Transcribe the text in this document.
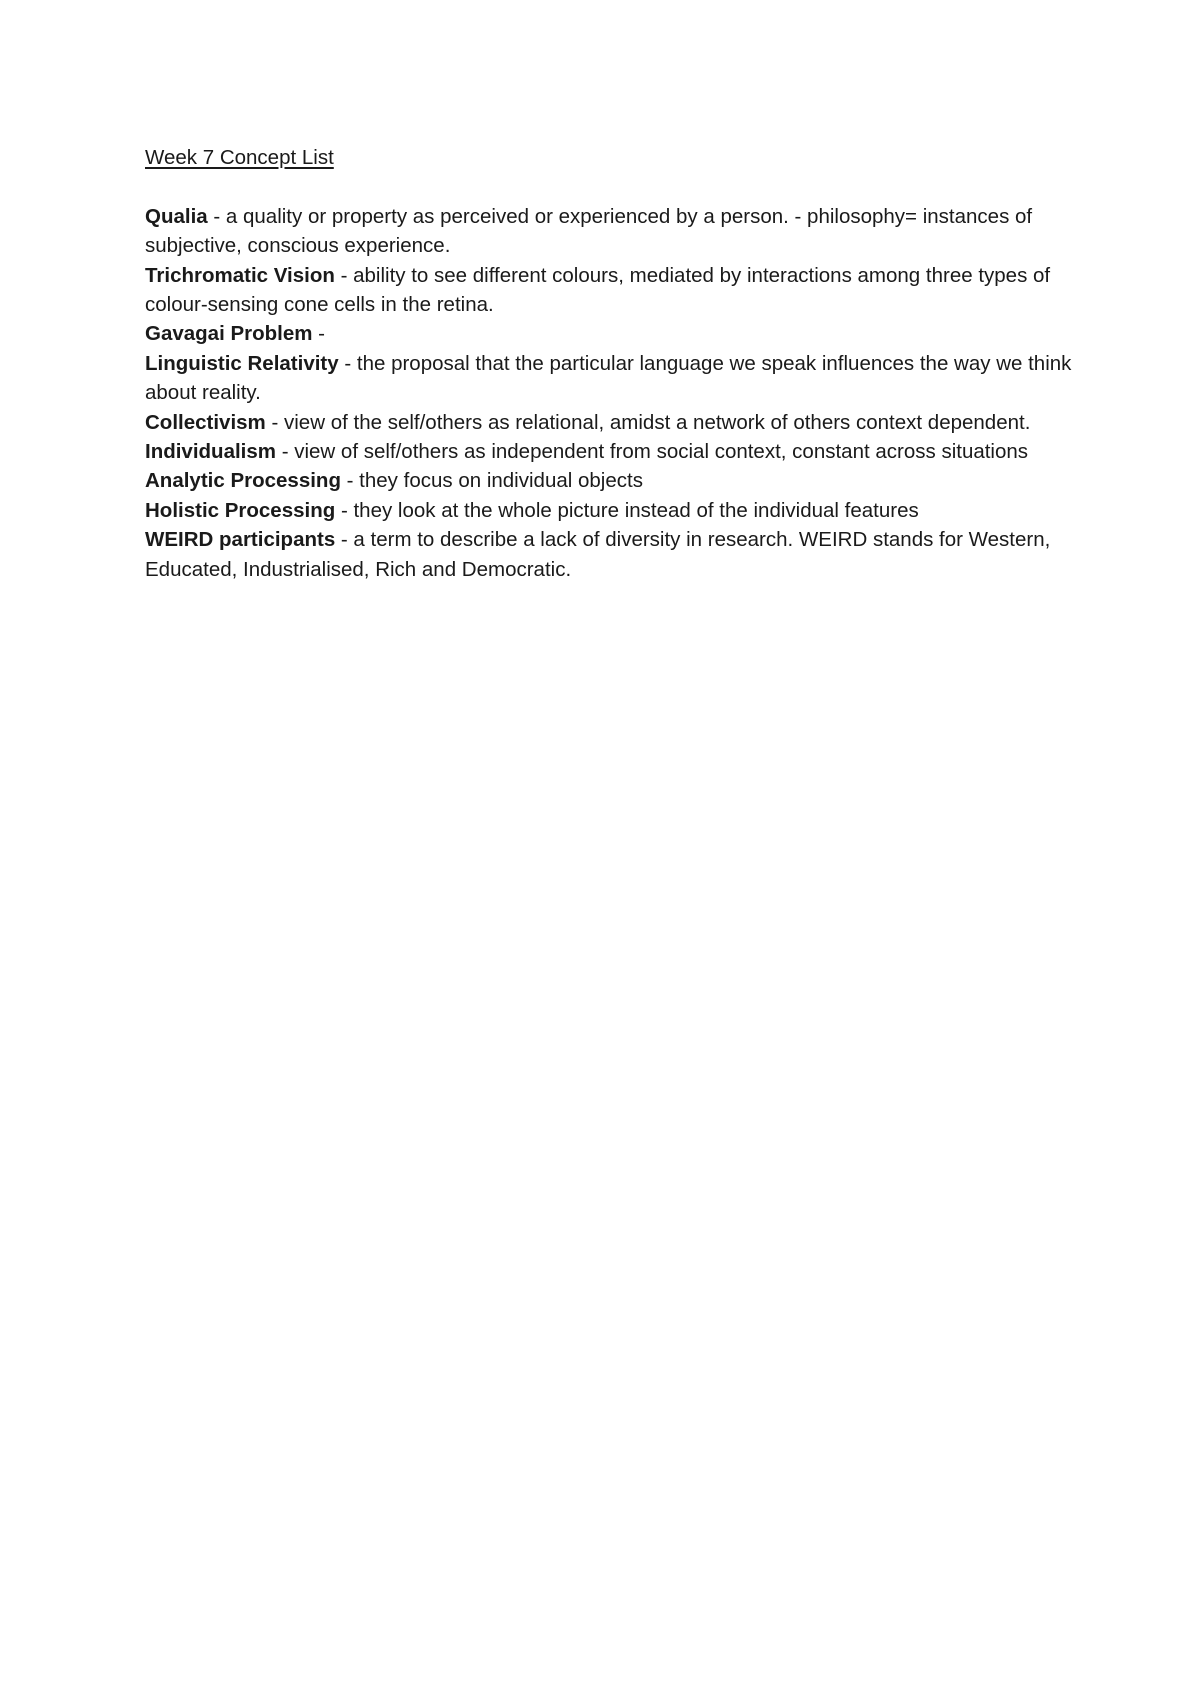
Week 7 Concept List

Qualia - a quality or property as perceived or experienced by a person. - philosophy= instances of subjective, conscious experience.

Trichromatic Vision - ability to see different colours, mediated by interactions among three types of colour-sensing cone cells in the retina.

Gavagai Problem -

Linguistic Relativity - the proposal that the particular language we speak influences the way we think about reality.

Collectivism - view of the self/others as relational, amidst a network of others context dependent.

Individualism - view of self/others as independent from social context, constant across situations

Analytic Processing - they focus on individual objects

Holistic Processing - they look at the whole picture instead of the individual features

WEIRD participants - a term to describe a lack of diversity in research. WEIRD stands for Western, Educated, Industrialised, Rich and Democratic.
